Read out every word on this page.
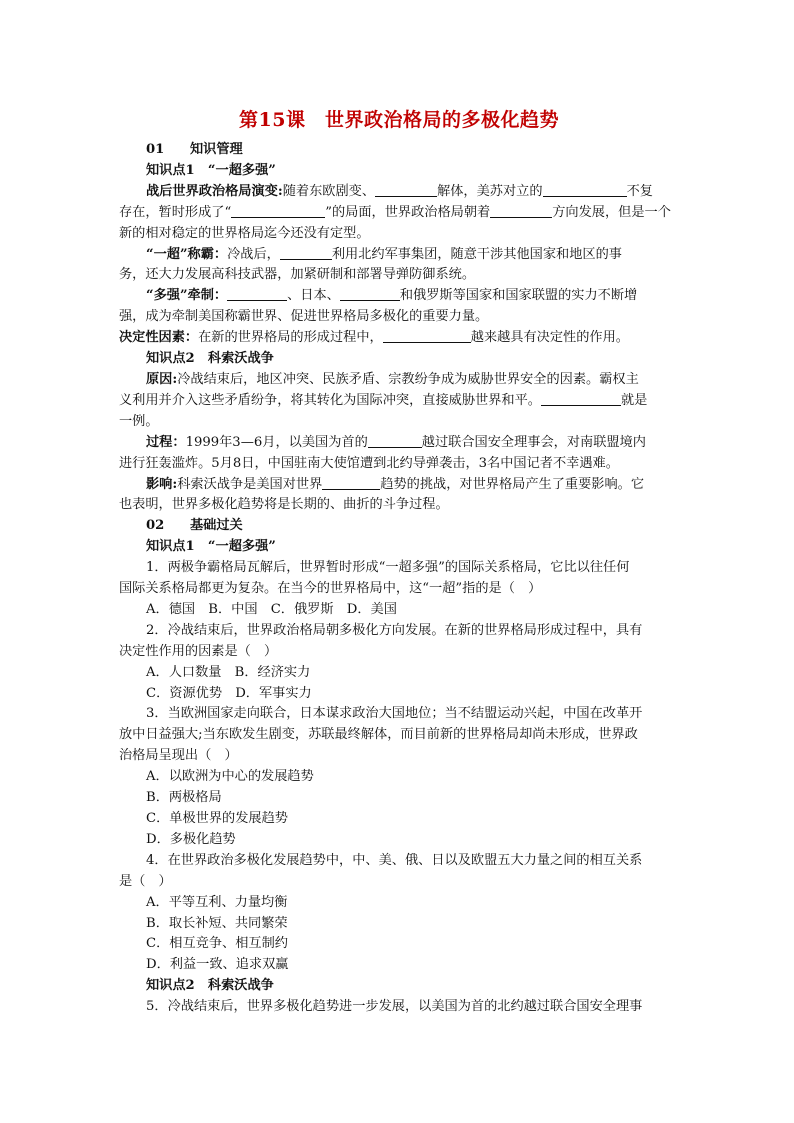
第15课　世界政治格局的多极化趋势
01 知识管理
知识点1　“一超多强”
战后世界政治格局演变:随着东欧剧变、	解体，美苏对立的	不复
存在，暂时形成了“	”的局面，世界政治格局朝着	方向发展，但是一个
新的相对稳定的世界格局迄今还没有定型。
“一超”称霸：冷战后，	利用北约军事集团，随意干涉其他国家和地区的事
务，还大力发展高科技武器，加紧研制和部署导弹防御系统。
“多强”牵制：	、日本、	和俄罗斯等国家和国家联盟的实力不断增
强，成为牵制美国称霸世界、促进世界格局多极化的重要力量。
决定性因素：在新的世界格局的形成过程中，	越来越具有决定性的作用。
知识点2　科索沃战争
原因:冷战结束后，地区冲突、民族矛盾、宗教纷争成为威胁世界安全的因素。霸权主
义利用并介入这些矛盾纷争，将其转化为国际冲突，直接威胁世界和平。	就是
一例。
过程：1999年3—6月，以美国为首的	越过联合国安全理事会，对南联盟境内
进行狂轰滥炸。5月8日，中国驻南大使馆遭到北约导弹袭击，3名中国记者不幸遇难。
影响:科索沃战争是美国对世界	趋势的挑战，对世界格局产生了重要影响。它
也表明，世界多极化趋势将是长期的、曲折的斗争过程。
02 基础过关
知识点1　“一超多强”
1．两极争霸格局瓦解后，世界暂时形成“一超多强”的国际关系格局，它比以往任何
国际关系格局都更为复杂。在当今的世界格局中，这“一超”指的是（　）
A．德国　B．中国　C．俄罗斯　D．美国
2．冷战结束后，世界政治格局朝多极化方向发展。在新的世界格局形成过程中，具有
决定性作用的因素是（　）
A．人口数量　B．经济实力
C．资源优势　D．军事实力
3．当欧洲国家走向联合，日本谋求政治大国地位；当不结盟运动兴起，中国在改革开
放中日益强大;当东欧发生剧变，苏联最终解体，而目前新的世界格局却尚未形成，世界政
治格局呈现出（　）
A．以欧洲为中心的发展趋势
B．两极格局
C．单极世界的发展趋势
D．多极化趋势
4．在世界政治多极化发展趋势中，中、美、俄、日以及欧盟五大力量之间的相互关系
是（　）
A．平等互利、力量均衡
B．取长补短、共同繁荣
C．相互竞争、相互制约
D．利益一致、追求双赢
知识点2　科索沃战争
5．冷战结束后，世界多极化趋势进一步发展，以美国为首的北约越过联合国安全理事
